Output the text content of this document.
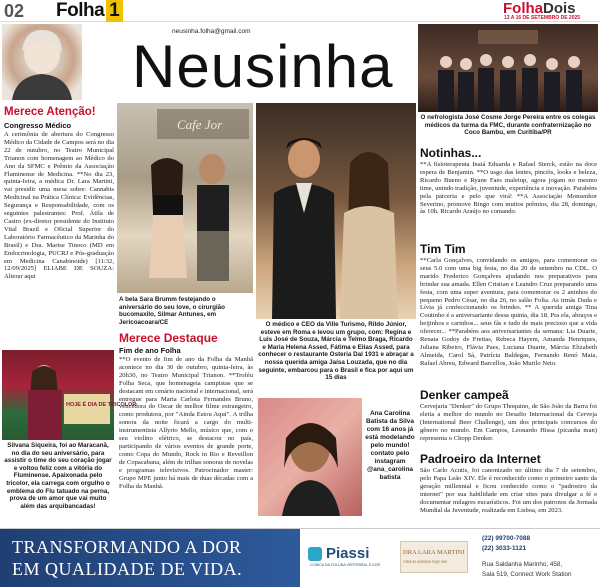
02 Folha 1	Folha Dois
13 A 16 DE SETEMBRO DE 2025
neusinha.folha@gmail.com
Neusinha
O nefrologista José Cosme Jorge Pereira entre os colegas médicos da turma da FMC, durante confraternização no Coco Bambu, em Curitiba/PR
Merece Atenção!
Congresso Médico
A cerimônia de abertura do Congresso Médico da Cidade de Campos será no dia 22 de outubro, no Teatro Municipal Trianon com homenagem ao Médico do Ano da SFMC e Prêmio da Associação Fluminense de Medicina. **No dia 23, quinta-feira, a médica Dr. Lara Martini, vai presidir uma mesa sobre: Cannabis Medicinal na Prática Clínica: Evidências, Segurança e Responsabilidade, com os seguintes palestrantes: Prof. Átila de Castro (ex-diretor presidente do Instituto Vital Brazil e Oficial Superior do Laboratório Farmacêutico da Marinha do Brasil) e Dra. Marise Tinoco (MD em Endocrinologia, PUCRJ e Pós-graduação em Medicina Canabinoide) [11:32, 12/09/2025] ELIABE DE SOUZA: Alterar aqui
Cafe Jor
A bela Sara Brumm festejando o aniversário do seu love, o cirurgião bucomaxilo, Silmar Antunes, em Jericoacoara/CE	O médico e CEO da Ville Turismo, Rildo Júnior, esteve em Roma e levou um grupo, com: Regina e Luis José de Souza, Márcia e Telmo Braga, Ricardo e Maria Helena Assed, Fátima e Elias Assed, para conhecer o restaurante Osteria Dal 1931 e abraçar a nossa querida amiga Jaísa Louzada, que no dia seguinte, embarcou para o Brasil e fica por aqui um 15 dias
Notinhas...
**A fisioterapeuta Inaiá Eduarda e Rafael Sterck, estão na doce espera de Benjamin. **O usgo das lentes, pincéis, looks e beleza, Ricardo Bueno e Ryane Faes maleiup, agora jogam no mesmo time, unindo tradição, juventude, experiência e inovação. Parabéns pela parceria e pelo que virá! **A Associação Monsenhor Severino, promove Bingo com muitos prêmios, dia 28, domingo, às 10h. Ricardo Araújo no comando.
Tim Tim
**Carla Gonçalves, convidando os amigos, para comemorar os seus 5.0 com uma big festa, no dia 20 de setembro na CDL. O marido Frederico Gonçalves ajudando nos preparativos para brindar sua amada. Ellen Cristian e Leandro Cruz preparando uma festa, com uma super aventura, para comemorar os 2 aninhos do pequeno Pedro César, no dia 26, no salão Folia. As irmãs Duda e Lívia já confeccionando os brindes. ** A querida amiga Tina Coutinho é a aniversariante dessa quinta, dia 18. Pra ela, abraços e beijinhos e carinhos... seus fãs e tudo de mais precioso que a vida oferecer... **Parabéns aos aniversariantes da semana: Lia Duarte, Renata Godoy de Freitas, Rebeca Hayem, Amanda Henriques, Juliana Ribeiro, Flávia Paes, Luciana Duarte, Márcia Elizabeth Almeida, Carol Sá, Patrícia Baldegas, Fernando Renó Maia, Rafael Abreu, Edward Barcellos, João Murilo Neto.
Denker campeã
Cervejaria "Denker" do Grupo Thoquino, de São João da Barra foi eleita a melhor do mundo no Desafio Internacional da Cerveja (International Beer Challenge), um dos principais concursos do gênero no mundo. Em Campos, Leonardo Hissa (picanha man) representa o Chopp Denker.
Padroeiro da Internet
São Carlo Acutis, foi canonizado no último dia 7 de setembro, pelo Papa Leão XIV. Ele é reconhecido como o primeiro santo da geração millennial e ficou conhecido como o "padroeiro da internet" por sua habilidade em criar sites para divulgar a fé e documentar milagres eucarísticos. Foi um dos patronos da Jornada Mundial da Juventude, realizada em Lisboa, em 2023.
HOJE É DIA DE TRICOLOR
Silvana Siqueira, foi ao Maracanã, no dia do seu aniversário, para assistir o time do seu coração jogar e voltou feliz com a vitória do Fluminense. Apaixonada pelo tricolor, ela carrega com orgulho o emblema do Flu tatuado na perna, prova de um amor que vai muito além das arquibancadas!
Merece Destaque
Fim de ano Folha
**O evento de fim de ano da Folha da Manhã acontece no dia 30 de outubro, quinta-feira, às 20h30, no Teatro Municipal Trianon. **Troféu Folha Seca, que homenageia campistas que se destacam em cenário nacional e internacional, será entregue para Maria Carlota Fernandes Bruno, vencedora do Oscar de melhor filme estrangeiro, como produtora, por "Ainda Estou Aqui". A trilha sonora da noite ficará a cargo do multi-instrumentista Allyrio Mello, músico que, com o seu violino elétrico, se destacou no país, participando de vários eventos de grande porte, como Copa do Mundo, Rock in Rio e Reveillon de Copacabana, além de trilhas sonoras de novelas e programas televisivos. Patrocinador master: Grupo MPE junto há mais de duas décadas com a Folha da Manhã.
Ana Carolina Batista da Silva com 16 anos já está modelando pelo mundo! contato pelo instagram @ana_carolina batista
TRANSFORMANDO A DOR
EM QUALIDADE DE VIDA.
Piassi
CLÍNICA DA COLUNA VERTEBRAL E DOR
DRA LARA MARTINI
CRM 52.0000000 RQE 000
(22) 99700-7088
(22) 3033-1121
Rua Saldanha Marinho, 458,
Sala 519, Connect Work Station
